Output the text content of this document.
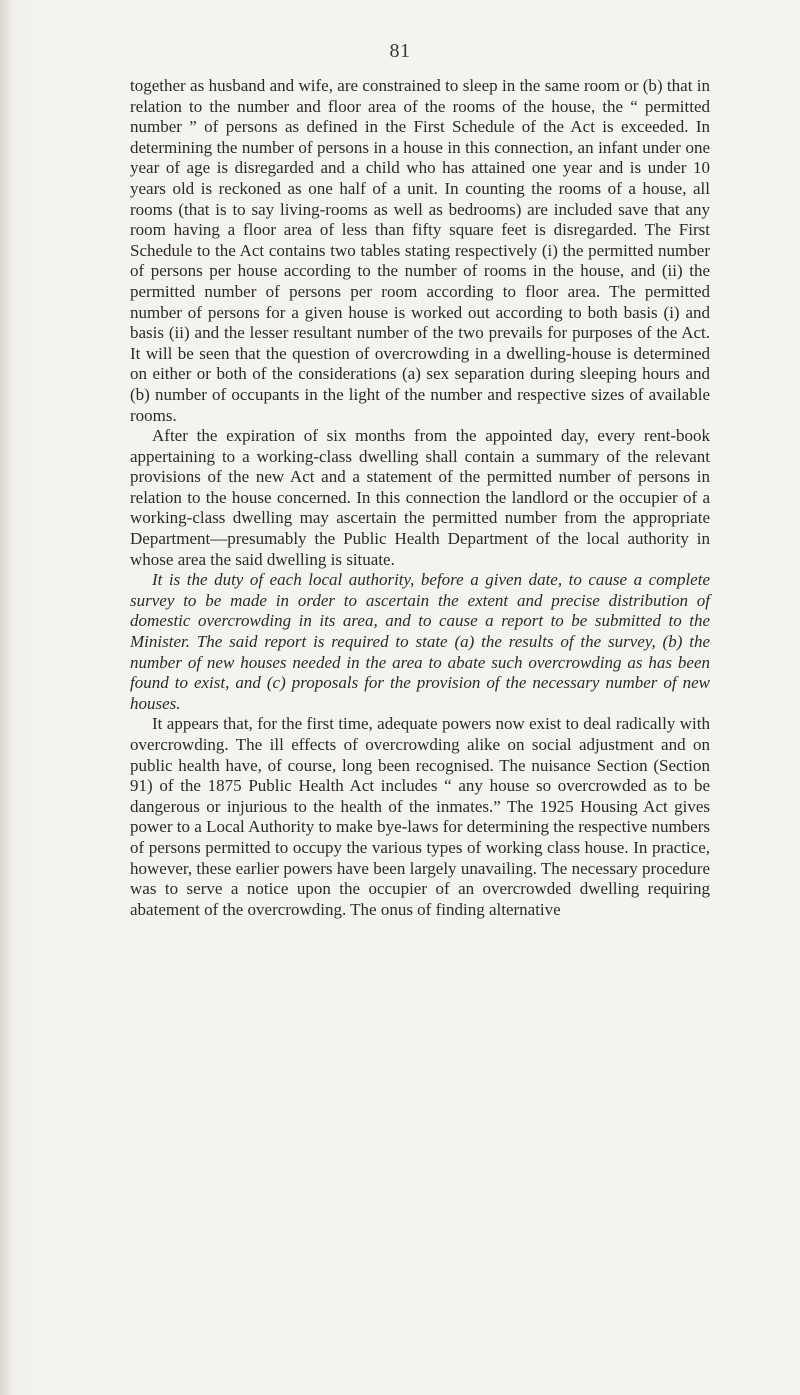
81

together as husband and wife, are constrained to sleep in the same room or (b) that in relation to the number and floor area of the rooms of the house, the “ permitted number ” of persons as defined in the First Schedule of the Act is exceeded. In determining the number of persons in a house in this connection, an infant under one year of age is disregarded and a child who has attained one year and is under 10 years old is reckoned as one half of a unit. In counting the rooms of a house, all rooms (that is to say living-rooms as well as bedrooms) are included save that any room having a floor area of less than fifty square feet is disregarded. The First Schedule to the Act contains two tables stating respectively (i) the permitted number of persons per house according to the number of rooms in the house, and (ii) the permitted number of persons per room according to floor area. The permitted number of persons for a given house is worked out according to both basis (i) and basis (ii) and the lesser resultant number of the two prevails for purposes of the Act. It will be seen that the question of overcrowding in a dwelling-house is determined on either or both of the considerations (a) sex separation during sleeping hours and (b) number of occupants in the light of the number and respective sizes of available rooms.

After the expiration of six months from the appointed day, every rent-book appertaining to a working-class dwelling shall contain a summary of the relevant provisions of the new Act and a statement of the permitted number of persons in relation to the house concerned. In this connection the landlord or the occupier of a working-class dwelling may ascertain the permitted number from the appropriate Department—presumably the Public Health Department of the local authority in whose area the said dwelling is situate.

It is the duty of each local authority, before a given date, to cause a complete survey to be made in order to ascertain the extent and precise distribution of domestic overcrowding in its area, and to cause a report to be submitted to the Minister. The said report is required to state (a) the results of the survey, (b) the number of new houses needed in the area to abate such overcrowding as has been found to exist, and (c) proposals for the provision of the necessary number of new houses.

It appears that, for the first time, adequate powers now exist to deal radically with overcrowding. The ill effects of overcrowding alike on social adjustment and on public health have, of course, long been recognised. The nuisance Section (Section 91) of the 1875 Public Health Act includes “ any house so overcrowded as to be dangerous or injurious to the health of the inmates.” The 1925 Housing Act gives power to a Local Authority to make bye-laws for determining the respective numbers of persons permitted to occupy the various types of working class house. In practice, however, these earlier powers have been largely unavailing. The necessary procedure was to serve a notice upon the occupier of an overcrowded dwelling requiring abatement of the overcrowding. The onus of finding alternative
